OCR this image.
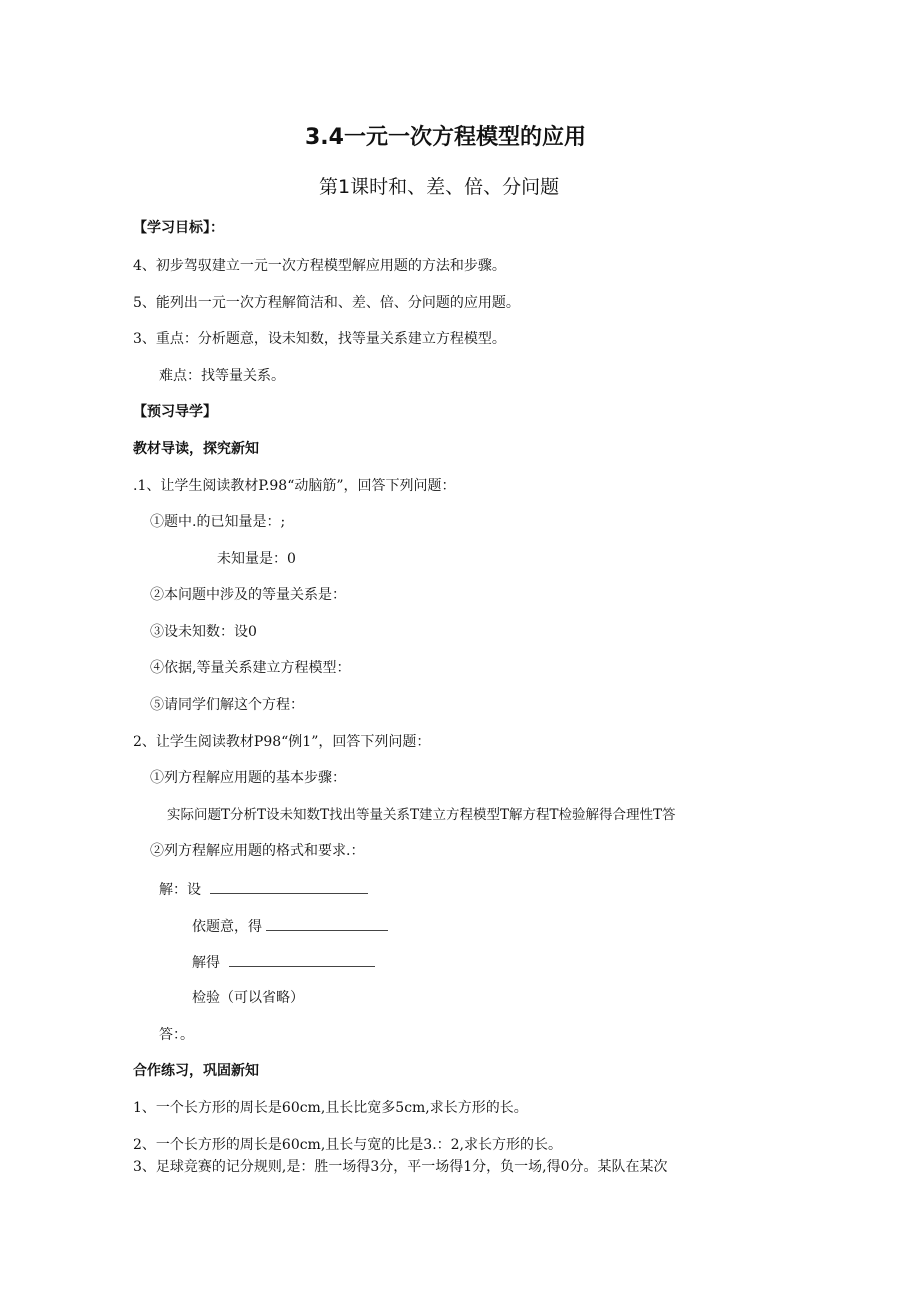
3.4一元一次方程模型的应用
第1课时和、差、倍、分问题
【学习目标】：
4、初步驾驭建立一元一次方程模型解应用题的方法和步骤。
5、能列出一元一次方程解简洁和、差、倍、分问题的应用题。
3、重点：分析题意，设未知数，找等量关系建立方程模型。
难点：找等量关系。
【预习导学】
教材导读，探究新知
.1、让学生阅读教材P.98“动脑筋”，回答下列问题：
①题中.的已知量是：;
未知量是：0
②本问题中涉及的等量关系是：
③设未知数：设0
④依据,等量关系建立方程模型：
⑤请同学们解这个方程：
2、让学生阅读教材P98“例1”，回答下列问题：
①列方程解应用题的基本步骤：
实际问题T分析T设未知数T找出等量关系T建立方程模型T解方程T检验解得合理性T答
②列方程解应用题的格式和要求.：
解：设
依题意，得
解得
检验（可以省略）
答：。
合作练习，巩固新知
1、一个长方形的周长是60cm,且长比宽多5cm,求长方形的长。
2、一个长方形的周长是60cm,且长与宽的比是3.：2,求长方形的长。
3、足球竞赛的记分规则,是：胜一场得3分，平一场得1分，负一场,得0分。某队在某次
